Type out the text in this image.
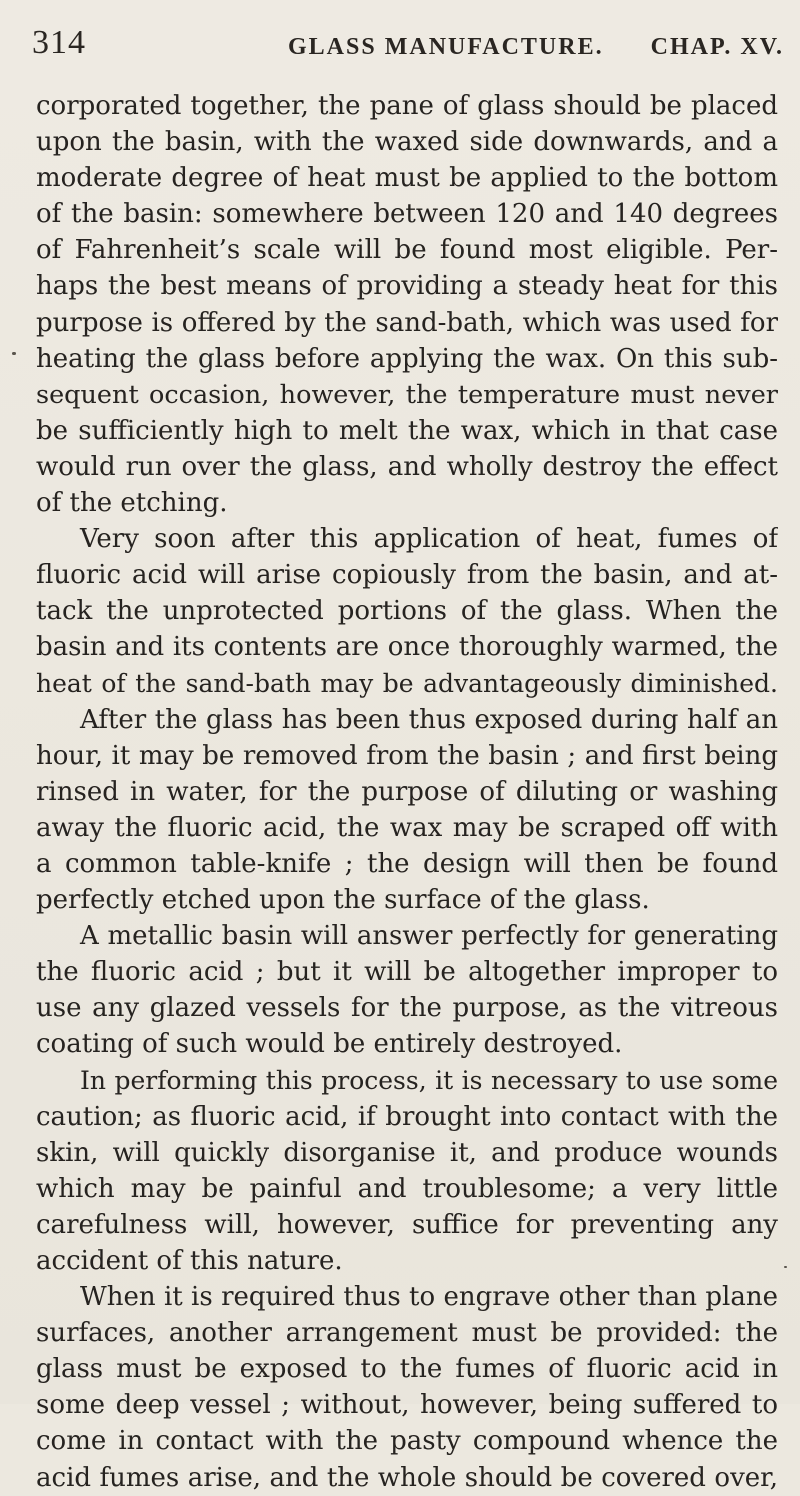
314	GLASS MANUFACTURE. CHAP. XV.
corporated together, the pane of glass should be placed
upon the basin, with the waxed side downwards, and a
moderate degree of heat must be applied to the bottom
of the basin: somewhere between 120 and 140 degrees
of Fahrenheit’s scale will be found most eligible. Per-
haps the best means of providing a steady heat for this
purpose is offered by the sand-bath, which was used for
heating the glass before applying the wax. On this sub-
sequent occasion, however, the temperature must never
be sufficiently high to melt the wax, which in that case
would run over the glass, and wholly destroy the effect
of the etching.
Very soon after this application of heat, fumes of
fluoric acid will arise copiously from the basin, and at-
tack the unprotected portions of the glass. When the
basin and its contents are once thoroughly warmed, the
heat of the sand-bath may be advantageously diminished.
After the glass has been thus exposed during half an
hour, it may be removed from the basin ; and first being
rinsed in water, for the purpose of diluting or washing
away the fluoric acid, the wax may be scraped off with
a common table-knife ; the design will then be found
perfectly etched upon the surface of the glass.
A metallic basin will answer perfectly for generating
the fluoric acid ; but it will be altogether improper to
use any glazed vessels for the purpose, as the vitreous
coating of such would be entirely destroyed.
In performing this process, it is necessary to use some
caution; as fluoric acid, if brought into contact with the
skin, will quickly disorganise it, and produce wounds
which may be painful and troublesome; a very little
carefulness will, however, suffice for preventing any
accident of this nature.
When it is required thus to engrave other than plane
surfaces, another arrangement must be provided: the
glass must be exposed to the fumes of fluoric acid in
some deep vessel ; without, however, being suffered to
come in contact with the pasty compound whence the
acid fumes arise, and the whole should be covered over,
